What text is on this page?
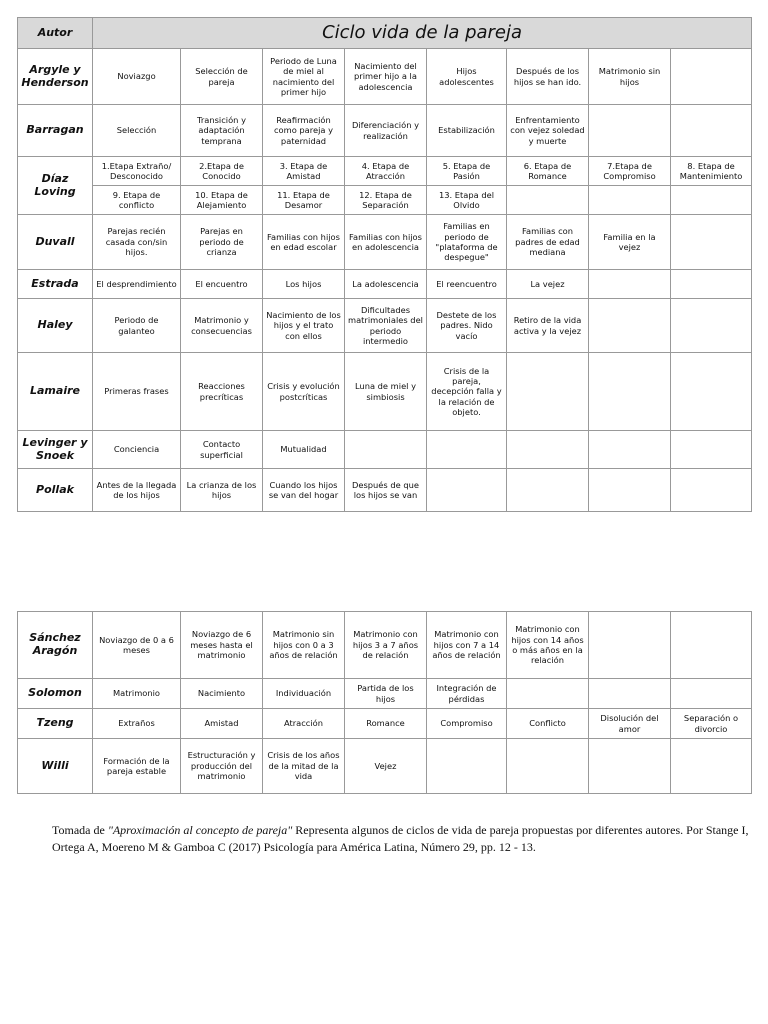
Autor	Ciclo vida de la pareja							
Argyle y Henderson	Noviazgo	Selección de pareja	Periodo de Luna de miel al nacimiento del primer hijo	Nacimiento del primer hijo a la adolescencia	Hijos adolescentes	Después de los hijos se han ido.	Matrimonio sin hijos	
Barragan	Selección	Transición y adaptación temprana	Reafirmación como pareja y paternidad	Diferenciación y realización	Estabilización	Enfrentamiento con vejez soledad y muerte		
Díaz Loving	1.Etapa Extraño/ Desconocido	2.Etapa de Conocido	3. Etapa de Amistad	4. Etapa de Atracción	5. Etapa de Pasión	6. Etapa de Romance	7.Etapa de Compromiso	8. Etapa de Mantenimiento
	9. Etapa de conflicto	10. Etapa de Alejamiento	11. Etapa de Desamor	12. Etapa de Separación	13. Etapa del Olvido			
Duvall	Parejas recién casada con/sin hijos.	Parejas en periodo de crianza	Familias con hijos en edad escolar	Familias con hijos en adolescencia	Familias en periodo de "plataforma de despegue"	Familias con padres de edad mediana	Familia en la vejez	
Estrada	El desprendimiento	El encuentro	Los hijos	La adolescencia	El reencuentro	La vejez		
Haley	Periodo de galanteo	Matrimonio y consecuencias	Nacimiento de los hijos y el trato con ellos	Dificultades matrimoniales del periodo intermedio	Destete de los padres. Nido vacío	Retiro de la vida activa y la vejez		
Lamaire	Primeras frases	Reacciones precríticas	Crisis y evolución postcríticas	Luna de miel y simbiosis	Crisis de la pareja, decepción falla y la relación de objeto.			
Levinger y Snoek	Conciencia	Contacto superficial	Mutualidad					
Pollak	Antes de la llegada de los hijos	La crianza de los hijos	Cuando los hijos se van del hogar	Después de que los hijos se van				
Sánchez Aragón	Noviazgo de 0 a 6 meses	Noviazgo de 6 meses hasta el matrimonio	Matrimonio sin hijos con 0 a 3 años de relación	Matrimonio con hijos 3 a 7 años de relación	Matrimonio con hijos con 7 a 14 años de relación	Matrimonio con hijos con 14 años o más años en la relación		
Solomon	Matrimonio	Nacimiento	Individuación	Partida de los hijos	Integración de pérdidas			
Tzeng	Extraños	Amistad	Atracción	Romance	Compromiso	Conflicto	Disolución del amor	Separación o divorcio
Willi	Formación de la pareja estable	Estructuración y producción del matrimonio	Crisis de los años de la mitad de la vida	Vejez				
Tomada de "Aproximación al concepto de pareja" Representa algunos de ciclos de vida de pareja propuestas por diferentes autores. Por Stange I, Ortega A, Moereno M & Gamboa C (2017) Psicología para América Latina, Número 29, pp. 12 - 13.
